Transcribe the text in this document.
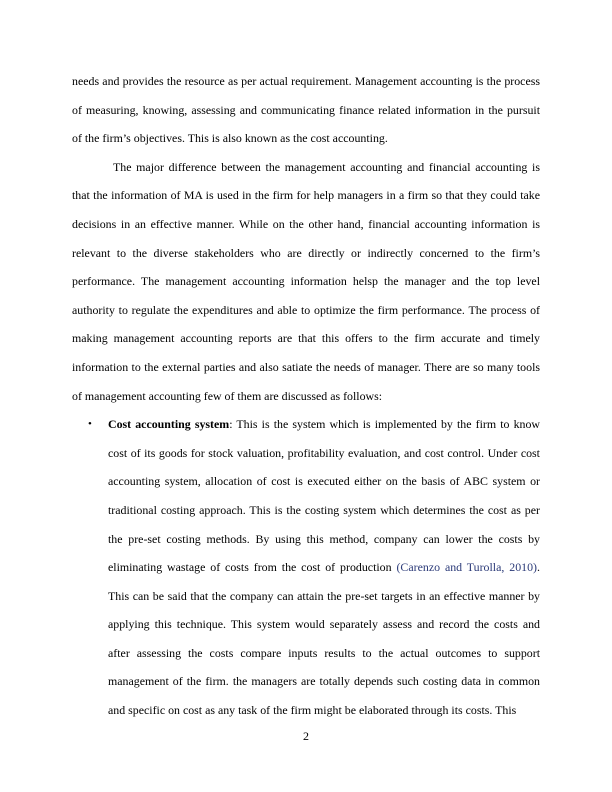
needs and provides the resource as per actual requirement. Management accounting is the process of measuring, knowing, assessing and communicating finance related information in the pursuit of the firm’s objectives. This is also known as the cost accounting.

The major difference between the management accounting and financial accounting is that the information of MA is used in the firm for help managers in a firm so that they could take decisions in an effective manner. While on the other hand, financial accounting information is relevant to the diverse stakeholders who are directly or indirectly concerned to the firm’s performance. The management accounting information helsp the manager and the top level authority to regulate the expenditures and able to optimize the firm performance. The process of making management accounting reports are that this offers to the firm accurate and timely information to the external parties and also satiate the needs of manager. There are so many tools of management accounting few of them are discussed as follows:

• Cost accounting system: This is the system which is implemented by the firm to know cost of its goods for stock valuation, profitability evaluation, and cost control. Under cost accounting system, allocation of cost is executed either on the basis of ABC system or traditional costing approach. This is the costing system which determines the cost as per the pre-set costing methods. By using this method, company can lower the costs by eliminating wastage of costs from the cost of production (Carenzo and Turolla, 2010). This can be said that the company can attain the pre-set targets in an effective manner by applying this technique. This system would separately assess and record the costs and after assessing the costs compare inputs results to the actual outcomes to support management of the firm. the managers are totally depends such costing data in common and specific on cost as any task of the firm might be elaborated through its costs. This
2
